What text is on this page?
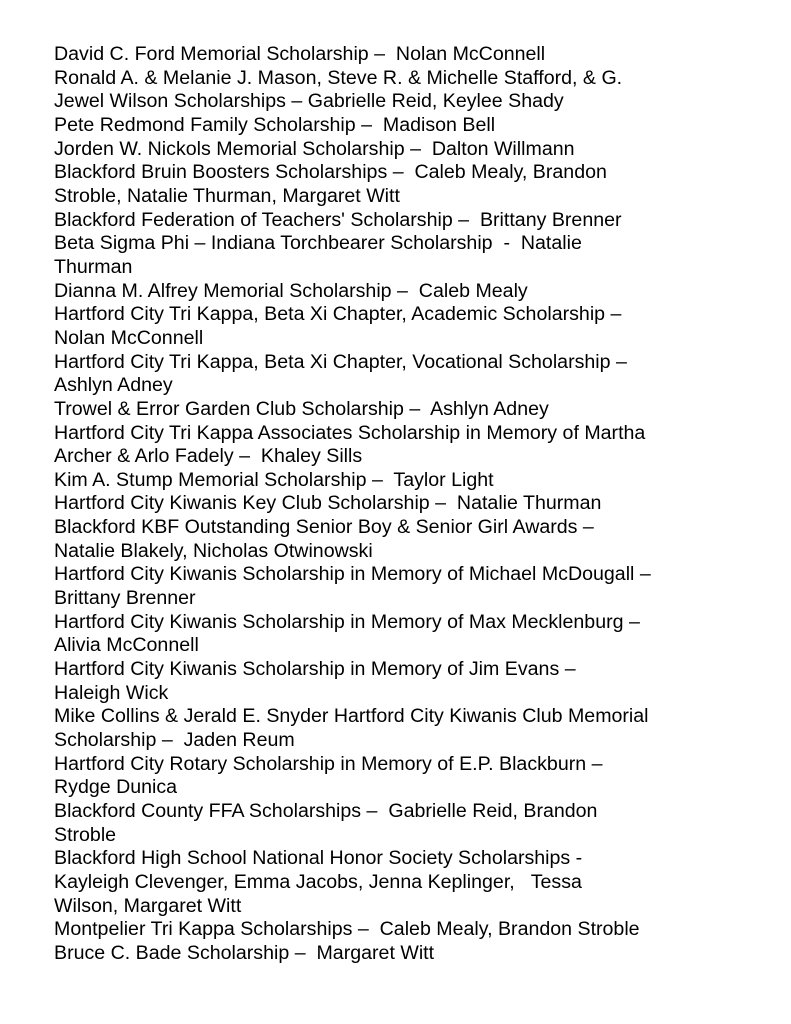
David C. Ford Memorial Scholarship –  Nolan McConnell
Ronald A. & Melanie J. Mason, Steve R. & Michelle Stafford, & G.
Jewel Wilson Scholarships – Gabrielle Reid, Keylee Shady
Pete Redmond Family Scholarship –  Madison Bell
Jorden W. Nickols Memorial Scholarship –  Dalton Willmann
Blackford Bruin Boosters Scholarships –  Caleb Mealy, Brandon
Stroble, Natalie Thurman, Margaret Witt
Blackford Federation of Teachers' Scholarship –  Brittany Brenner
Beta Sigma Phi – Indiana Torchbearer Scholarship  -  Natalie
Thurman
Dianna M. Alfrey Memorial Scholarship –  Caleb Mealy
Hartford City Tri Kappa, Beta Xi Chapter, Academic Scholarship –
Nolan McConnell
Hartford City Tri Kappa, Beta Xi Chapter, Vocational Scholarship –
Ashlyn Adney
Trowel & Error Garden Club Scholarship –  Ashlyn Adney
Hartford City Tri Kappa Associates Scholarship in Memory of Martha
Archer & Arlo Fadely –  Khaley Sills
Kim A. Stump Memorial Scholarship –  Taylor Light
Hartford City Kiwanis Key Club Scholarship –  Natalie Thurman
Blackford KBF Outstanding Senior Boy & Senior Girl Awards –
Natalie Blakely, Nicholas Otwinowski
Hartford City Kiwanis Scholarship in Memory of Michael McDougall –
Brittany Brenner
Hartford City Kiwanis Scholarship in Memory of Max Mecklenburg –
Alivia McConnell
Hartford City Kiwanis Scholarship in Memory of Jim Evans –
Haleigh Wick
Mike Collins & Jerald E. Snyder Hartford City Kiwanis Club Memorial
Scholarship –  Jaden Reum
Hartford City Rotary Scholarship in Memory of E.P. Blackburn –
Rydge Dunica
Blackford County FFA Scholarships –  Gabrielle Reid, Brandon
Stroble
Blackford High School National Honor Society Scholarships -
Kayleigh Clevenger, Emma Jacobs, Jenna Keplinger,   Tessa
Wilson, Margaret Witt
Montpelier Tri Kappa Scholarships –  Caleb Mealy, Brandon Stroble
Bruce C. Bade Scholarship –  Margaret Witt
